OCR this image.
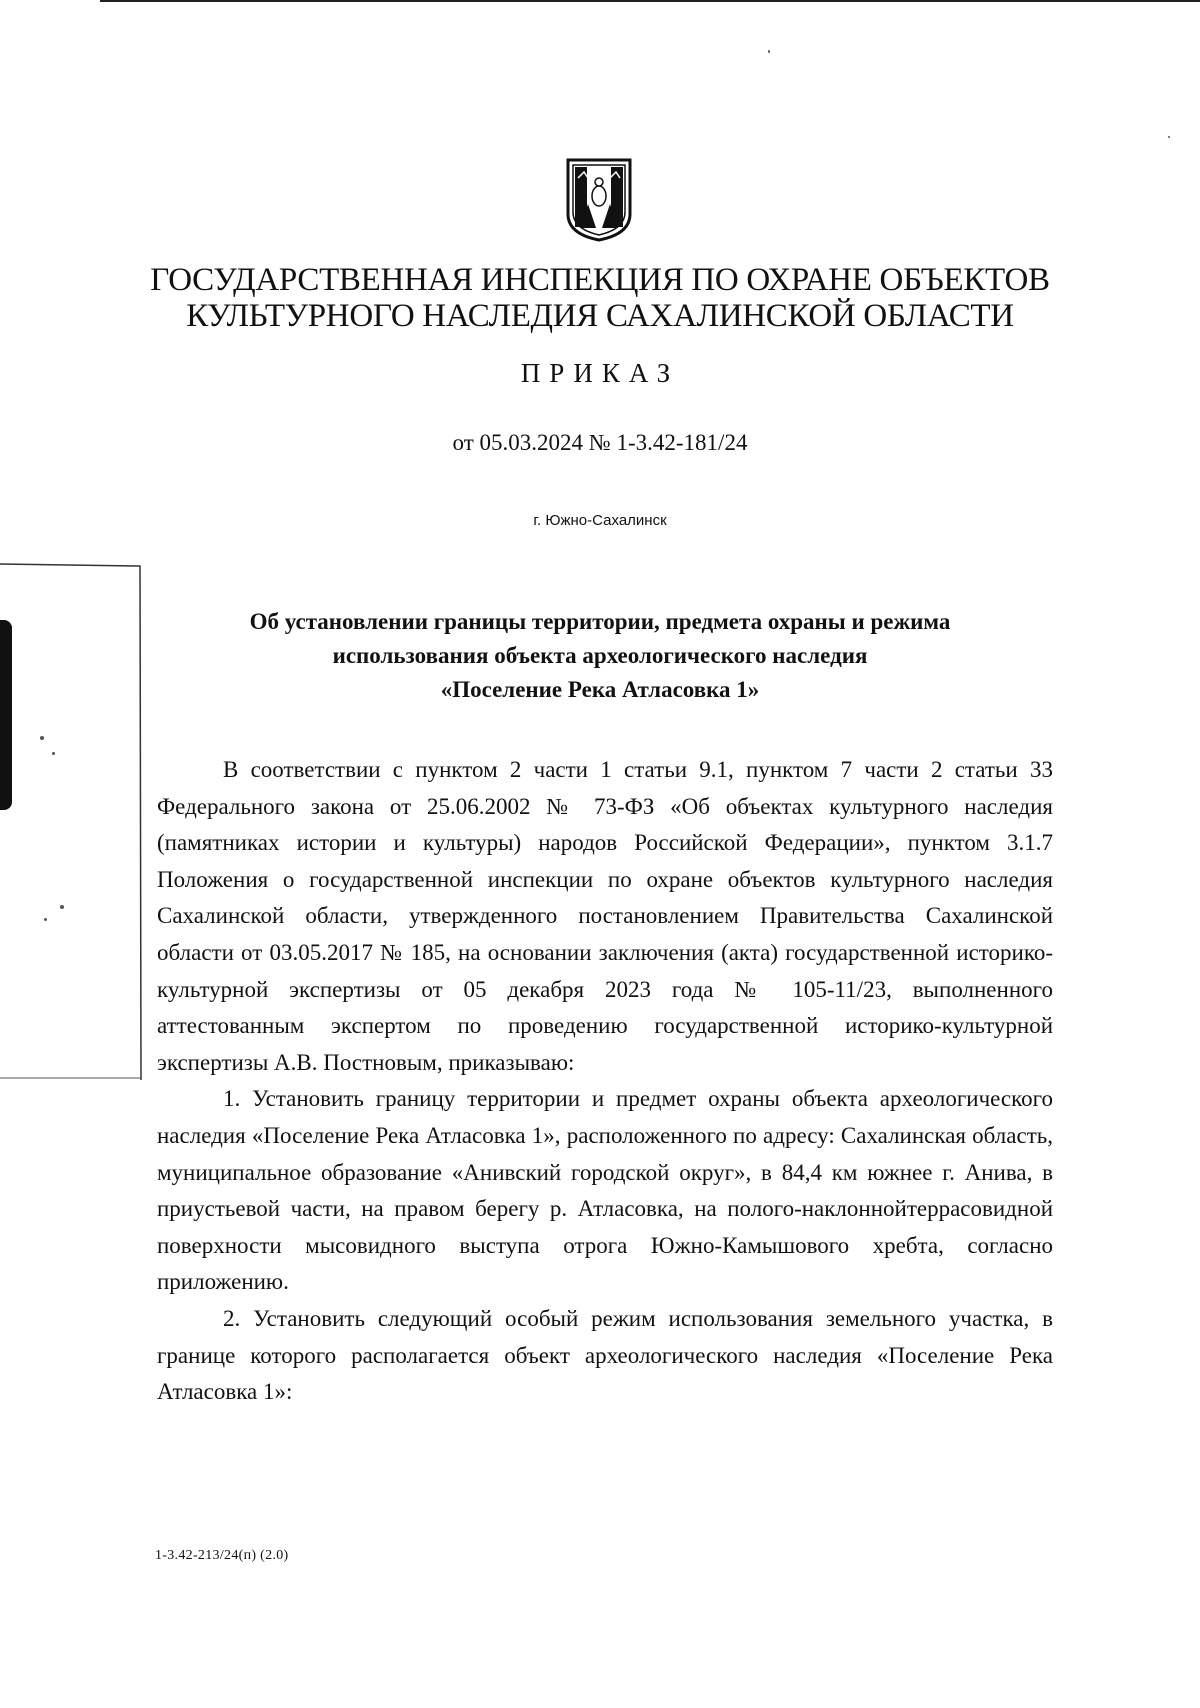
ГОСУДАРСТВЕННАЯ ИНСПЕКЦИЯ ПО ОХРАНЕ ОБЪЕКТОВ
КУЛЬТУРНОГО НАСЛЕДИЯ САХАЛИНСКОЙ ОБЛАСТИ
ПРИКАЗ
от 05.03.2024 № 1-3.42-181/24
г. Южно-Сахалинск
Об установлении границы территории, предмета охраны и режима
использования объекта археологического наследия
«Поселение Река Атласовка 1»

В соответствии с пунктом 2 части 1 статьи 9.1, пунктом 7 части 2 статьи 33 Федерального закона от 25.06.2002 № 73-ФЗ «Об объектах культурного наследия (памятниках истории и культуры) народов Российской Федерации», пунктом 3.1.7 Положения о государственной инспекции по охране объектов культурного наследия Сахалинской области, утвержденного постановлением Правительства Сахалинской области от 03.05.2017 № 185, на основании заключения (акта) государственной историко-культурной экспертизы от 05 декабря 2023 года № 105-11/23, выполненного аттестованным экспертом по проведению государственной историко-культурной экспертизы А.В. Постновым, приказываю:

1. Установить границу территории и предмет охраны объекта археологического наследия «Поселение Река Атласовка 1», расположенного по адресу: Сахалинская область, муниципальное образование «Анивский городской округ», в 84,4 км южнее г. Анива, в приустьевой части, на правом берегу р. Атласовка, на полого-наклоннойтеррасовидной поверхности мысовидного выступа отрога Южно-Камышового хребта, согласно приложению.

2. Установить следующий особый режим использования земельного участка, в границе которого располагается объект археологического наследия «Поселение Река Атласовка 1»:

1-3.42-213/24(п) (2.0)
